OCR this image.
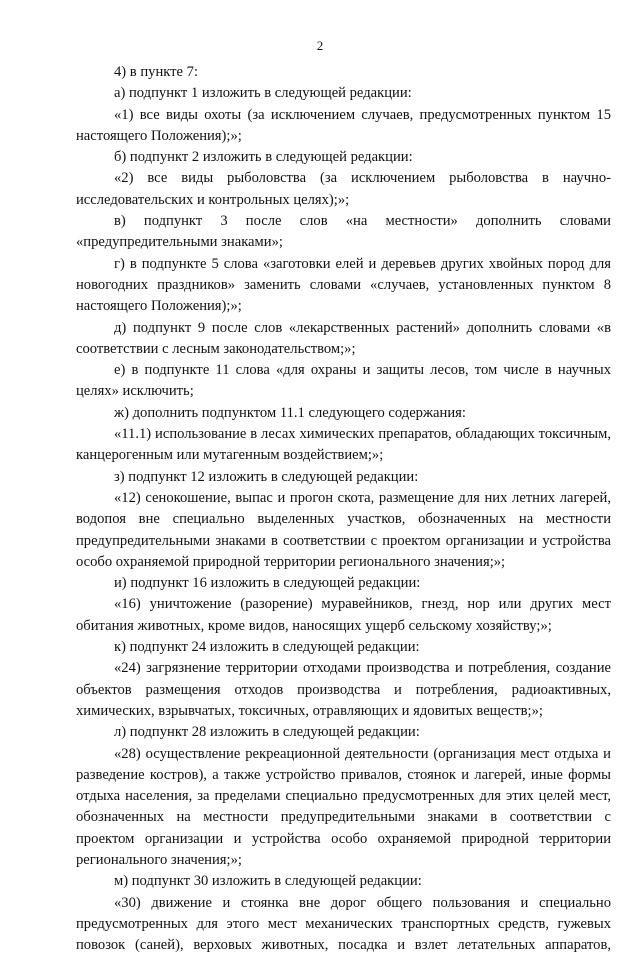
2

4) в пункте 7:

а) подпункт 1 изложить в следующей редакции:

«1) все виды охоты (за исключением случаев, предусмотренных пунктом 15 настоящего Положения);»;

б) подпункт 2 изложить в следующей редакции:

«2) все виды рыболовства (за исключением рыболовства в научно-исследовательских и контрольных целях);»;

в) подпункт 3 после слов «на местности» дополнить словами «предупредительными знаками»;

г) в подпункте 5 слова «заготовки елей и деревьев других хвойных пород для новогодних праздников» заменить словами «случаев, установленных пунктом 8 настоящего Положения);»;

д) подпункт 9 после слов «лекарственных растений» дополнить словами «в соответствии с лесным законодательством;»;

е) в подпункте 11 слова «для охраны и защиты лесов, том числе в научных целях» исключить;

ж) дополнить подпунктом 11.1 следующего содержания:

«11.1) использование в лесах химических препаратов, обладающих токсичным, канцерогенным или мутагенным воздействием;»;

з) подпункт 12 изложить в следующей редакции:

«12) сенокошение, выпас и прогон скота, размещение для них летних лагерей, водопоя вне специально выделенных участков, обозначенных на местности предупредительными знаками в соответствии с проектом организации и устройства особо охраняемой природной территории регионального значения;»;

и) подпункт 16 изложить в следующей редакции:

«16) уничтожение (разорение) муравейников, гнезд, нор или других мест обитания животных, кроме видов, наносящих ущерб сельскому хозяйству;»;

к) подпункт 24 изложить в следующей редакции:

«24) загрязнение территории отходами производства и потребления, создание объектов размещения отходов производства и потребления, радиоактивных, химических, взрывчатых, токсичных, отравляющих и ядовитых веществ;»;

л) подпункт 28 изложить в следующей редакции:

«28) осуществление рекреационной деятельности (организация мест отдыха и разведение костров), а также устройство привалов, стоянок и лагерей, иные формы отдыха населения, за пределами специально предусмотренных для этих целей мест, обозначенных на местности предупредительными знаками в соответствии с проектом организации и устройства особо охраняемой природной территории регионального значения;»;

м) подпункт 30 изложить в следующей редакции:

«30) движение и стоянка вне дорог общего пользования и специально предусмотренных для этого мест механических транспортных средств, гужевых повозок (саней), верховых животных, посадка и взлет летательных аппаратов,
